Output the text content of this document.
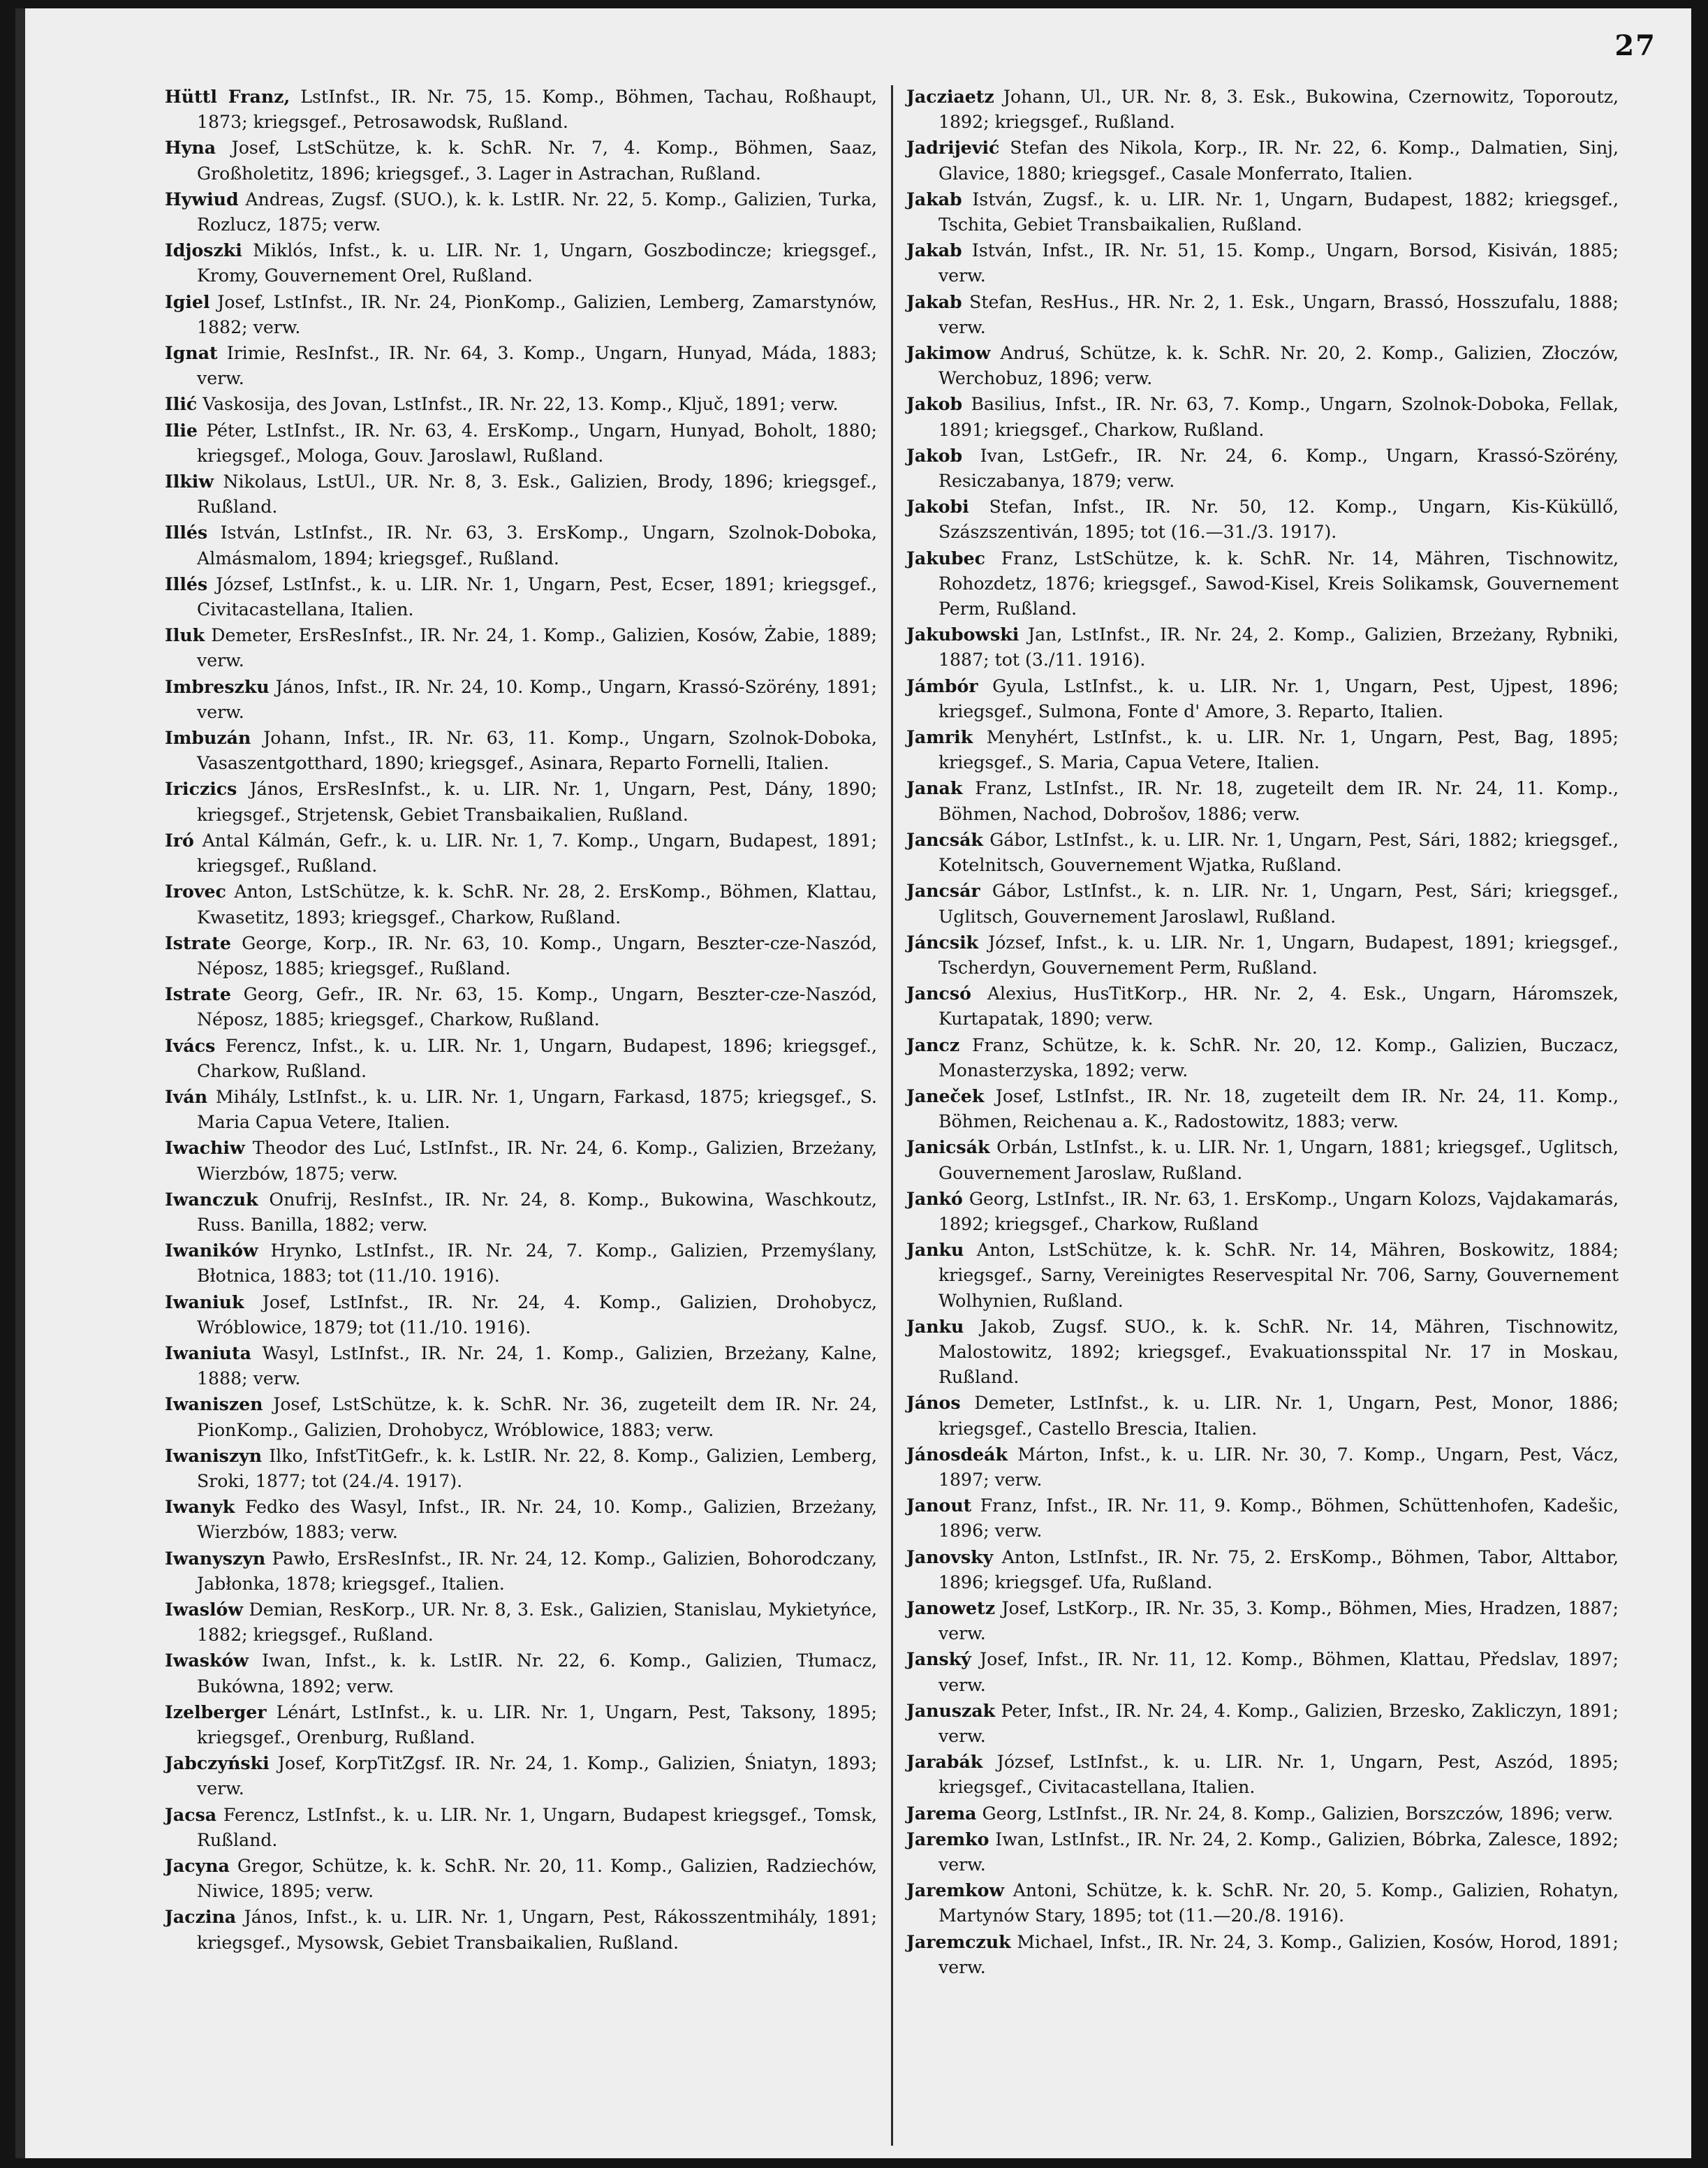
27

Hüttl Franz, LstInfst., IR. Nr. 75, 15. Komp., Böhmen, Tachau, Roßhaupt, 1873; kriegsgef., Petrosawodsk, Rußland.

Hyna Josef, LstSchütze, k. k. SchR. Nr. 7, 4. Komp., Böhmen, Saaz, Großholetitz, 1896; kriegsgef., 3. Lager in Astrachan, Rußland.

Hywiud Andreas, Zugsf. (SUO.), k. k. LstIR. Nr. 22, 5. Komp., Galizien, Turka, Rozlucz, 1875; verw.

Idjoszki Miklós, Infst., k. u. LIR. Nr. 1, Ungarn, Goszbodincze; kriegsgef., Kromy, Gouvernement Orel, Rußland.

Igiel Josef, LstInfst., IR. Nr. 24, PionKomp., Galizien, Lemberg, Zamarstynów, 1882; verw.

Ignat Irimie, ResInfst., IR. Nr. 64, 3. Komp., Ungarn, Hunyad, Máda, 1883; verw.

Ilić Vaskosija, des Jovan, LstInfst., IR. Nr. 22, 13. Komp., Ključ, 1891; verw.

Ilie Péter, LstInfst., IR. Nr. 63, 4. ErsKomp., Ungarn, Hunyad, Boholt, 1880; kriegsgef., Mologa, Gouv. Jaroslawl, Rußland.

Ilkiw Nikolaus, LstUl., UR. Nr. 8, 3. Esk., Galizien, Brody, 1896; kriegsgef., Rußland.

Illés István, LstInfst., IR. Nr. 63, 3. ErsKomp., Ungarn, Szolnok-Doboka, Almásmalom, 1894; kriegsgef., Rußland.

Illés József, LstInfst., k. u. LIR. Nr. 1, Ungarn, Pest, Ecser, 1891; kriegsgef., Civitacastellana, Italien.

Iluk Demeter, ErsResInfst., IR. Nr. 24, 1. Komp., Galizien, Kosów, Żabie, 1889; verw.

Imbreszku János, Infst., IR. Nr. 24, 10. Komp., Ungarn, Krassó-Szörény, 1891; verw.

Imbuzán Johann, Infst., IR. Nr. 63, 11. Komp., Ungarn, Szolnok-Doboka, Vasaszentgotthard, 1890; kriegsgef., Asinara, Reparto Fornelli, Italien.

Iriczics János, ErsResInfst., k. u. LIR. Nr. 1, Ungarn, Pest, Dány, 1890; kriegsgef., Strjetensk, Gebiet Transbaikalien, Rußland.

Iró Antal Kálmán, Gefr., k. u. LIR. Nr. 1, 7. Komp., Ungarn, Budapest, 1891; kriegsgef., Rußland.

Irovec Anton, LstSchütze, k. k. SchR. Nr. 28, 2. ErsKomp., Böhmen, Klattau, Kwasetitz, 1893; kriegsgef., Charkow, Rußland.

Istrate George, Korp., IR. Nr. 63, 10. Komp., Ungarn, Beszter-cze-Naszód, Néposz, 1885; kriegsgef., Rußland.

Istrate Georg, Gefr., IR. Nr. 63, 15. Komp., Ungarn, Beszter-cze-Naszód, Néposz, 1885; kriegsgef., Charkow, Rußland.

Ivács Ferencz, Infst., k. u. LIR. Nr. 1, Ungarn, Budapest, 1896; kriegsgef., Charkow, Rußland.

Iván Mihály, LstInfst., k. u. LIR. Nr. 1, Ungarn, Farkasd, 1875; kriegsgef., S. Maria Capua Vetere, Italien.

Iwachiw Theodor des Luć, LstInfst., IR. Nr. 24, 6. Komp., Galizien, Brzeżany, Wierzbów, 1875; verw.

Iwanczuk Onufrij, ResInfst., IR. Nr. 24, 8. Komp., Bukowina, Waschkoutz, Russ. Banilla, 1882; verw.

Iwaników Hrynko, LstInfst., IR. Nr. 24, 7. Komp., Galizien, Przemyślany, Błotnica, 1883; tot (11./10. 1916).

Iwaniuk Josef, LstInfst., IR. Nr. 24, 4. Komp., Galizien, Drohobycz, Wróblowice, 1879; tot (11./10. 1916).

Iwaniuta Wasyl, LstInfst., IR. Nr. 24, 1. Komp., Galizien, Brzeżany, Kalne, 1888; verw.

Iwaniszen Josef, LstSchütze, k. k. SchR. Nr. 36, zugeteilt dem IR. Nr. 24, PionKomp., Galizien, Drohobycz, Wróblowice, 1883; verw.

Iwaniszyn Ilko, InfstTitGefr., k. k. LstIR. Nr. 22, 8. Komp., Galizien, Lemberg, Sroki, 1877; tot (24./4. 1917).

Iwanyk Fedko des Wasyl, Infst., IR. Nr. 24, 10. Komp., Galizien, Brzeżany, Wierzbów, 1883; verw.

Iwanyszyn Pawło, ErsResInfst., IR. Nr. 24, 12. Komp., Galizien, Bohorodczany, Jabłonka, 1878; kriegsgef., Italien.

Iwaslów Demian, ResKorp., UR. Nr. 8, 3. Esk., Galizien, Stanislau, Mykietyńce, 1882; kriegsgef., Rußland.

Iwasków Iwan, Infst., k. k. LstIR. Nr. 22, 6. Komp., Galizien, Tłumacz, Bukówna, 1892; verw.

Izelberger Lénárt, LstInfst., k. u. LIR. Nr. 1, Ungarn, Pest, Taksony, 1895; kriegsgef., Orenburg, Rußland.

Jabczyński Josef, KorpTitZgsf. IR. Nr. 24, 1. Komp., Galizien, Śniatyn, 1893; verw.

Jacsa Ferencz, LstInfst., k. u. LIR. Nr. 1, Ungarn, Budapest kriegsgef., Tomsk, Rußland.

Jacyna Gregor, Schütze, k. k. SchR. Nr. 20, 11. Komp., Galizien, Radziechów, Niwice, 1895; verw.

Jaczina János, Infst., k. u. LIR. Nr. 1, Ungarn, Pest, Rákosszentmihály, 1891; kriegsgef., Mysowsk, Gebiet Transbaikalien, Rußland.

Jacziaetz Johann, Ul., UR. Nr. 8, 3. Esk., Bukowina, Czernowitz, Toporoutz, 1892; kriegsgef., Rußland.

Jadrijević Stefan des Nikola, Korp., IR. Nr. 22, 6. Komp., Dalmatien, Sinj, Glavice, 1880; kriegsgef., Casale Monferrato, Italien.

Jakab István, Zugsf., k. u. LIR. Nr. 1, Ungarn, Budapest, 1882; kriegsgef., Tschita, Gebiet Transbaikalien, Rußland.

Jakab István, Infst., IR. Nr. 51, 15. Komp., Ungarn, Borsod, Kisiván, 1885; verw.

Jakab Stefan, ResHus., HR. Nr. 2, 1. Esk., Ungarn, Brassó, Hosszufalu, 1888; verw.

Jakimow Andruś, Schütze, k. k. SchR. Nr. 20, 2. Komp., Galizien, Złoczów, Werchobuz, 1896; verw.

Jakob Basilius, Infst., IR. Nr. 63, 7. Komp., Ungarn, Szolnok-Doboka, Fellak, 1891; kriegsgef., Charkow, Rußland.

Jakob Ivan, LstGefr., IR. Nr. 24, 6. Komp., Ungarn, Krassó-Szörény, Resiczabanya, 1879; verw.

Jakobi Stefan, Infst., IR. Nr. 50, 12. Komp., Ungarn, Kis-Küküllő, Szászszentiván, 1895; tot (16.—31./3. 1917).

Jakubec Franz, LstSchütze, k. k. SchR. Nr. 14, Mähren, Tischnowitz, Rohozdetz, 1876; kriegsgef., Sawod-Kisel, Kreis Solikamsk, Gouvernement Perm, Rußland.

Jakubowski Jan, LstInfst., IR. Nr. 24, 2. Komp., Galizien, Brzeżany, Rybniki, 1887; tot (3./11. 1916).

Jámbór Gyula, LstInfst., k. u. LIR. Nr. 1, Ungarn, Pest, Ujpest, 1896; kriegsgef., Sulmona, Fonte d' Amore, 3. Reparto, Italien.

Jamrik Menyhért, LstInfst., k. u. LIR. Nr. 1, Ungarn, Pest, Bag, 1895; kriegsgef., S. Maria, Capua Vetere, Italien.

Janak Franz, LstInfst., IR. Nr. 18, zugeteilt dem IR. Nr. 24, 11. Komp., Böhmen, Nachod, Dobrošov, 1886; verw.

Jancsák Gábor, LstInfst., k. u. LIR. Nr. 1, Ungarn, Pest, Sári, 1882; kriegsgef., Kotelnitsch, Gouvernement Wjatka, Rußland.

Jancsár Gábor, LstInfst., k. n. LIR. Nr. 1, Ungarn, Pest, Sári; kriegsgef., Uglitsch, Gouvernement Jaroslawl, Rußland.

Jáncsik József, Infst., k. u. LIR. Nr. 1, Ungarn, Budapest, 1891; kriegsgef., Tscherdyn, Gouvernement Perm, Rußland.

Jancsó Alexius, HusTitKorp., HR. Nr. 2, 4. Esk., Ungarn, Háromszek, Kurtapatak, 1890; verw.

Jancz Franz, Schütze, k. k. SchR. Nr. 20, 12. Komp., Galizien, Buczacz, Monasterzyska, 1892; verw.

Janeček Josef, LstInfst., IR. Nr. 18, zugeteilt dem IR. Nr. 24, 11. Komp., Böhmen, Reichenau a. K., Radostowitz, 1883; verw.

Janicsák Orbán, LstInfst., k. u. LIR. Nr. 1, Ungarn, 1881; kriegsgef., Uglitsch, Gouvernement Jaroslaw, Rußland.

Jankó Georg, LstInfst., IR. Nr. 63, 1. ErsKomp., Ungarn Kolozs, Vajdakamarás, 1892; kriegsgef., Charkow, Rußland

Janku Anton, LstSchütze, k. k. SchR. Nr. 14, Mähren, Boskowitz, 1884; kriegsgef., Sarny, Vereinigtes Reservespital Nr. 706, Sarny, Gouvernement Wolhynien, Rußland.

Janku Jakob, Zugsf. SUO., k. k. SchR. Nr. 14, Mähren, Tischnowitz, Malostowitz, 1892; kriegsgef., Evakuationsspital Nr. 17 in Moskau, Rußland.

János Demeter, LstInfst., k. u. LIR. Nr. 1, Ungarn, Pest, Monor, 1886; kriegsgef., Castello Brescia, Italien.

Jánosdeák Márton, Infst., k. u. LIR. Nr. 30, 7. Komp., Ungarn, Pest, Vácz, 1897; verw.

Janout Franz, Infst., IR. Nr. 11, 9. Komp., Böhmen, Schüttenhofen, Kadešic, 1896; verw.

Janovsky Anton, LstInfst., IR. Nr. 75, 2. ErsKomp., Böhmen, Tabor, Alttabor, 1896; kriegsgef. Ufa, Rußland.

Janowetz Josef, LstKorp., IR. Nr. 35, 3. Komp., Böhmen, Mies, Hradzen, 1887; verw.

Janský Josef, Infst., IR. Nr. 11, 12. Komp., Böhmen, Klattau, Předslav, 1897; verw.

Januszak Peter, Infst., IR. Nr. 24, 4. Komp., Galizien, Brzesko, Zakliczyn, 1891; verw.

Jarabák József, LstInfst., k. u. LIR. Nr. 1, Ungarn, Pest, Aszód, 1895; kriegsgef., Civitacastellana, Italien.

Jarema Georg, LstInfst., IR. Nr. 24, 8. Komp., Galizien, Borszczów, 1896; verw.

Jaremko Iwan, LstInfst., IR. Nr. 24, 2. Komp., Galizien, Bóbrka, Zalesce, 1892; verw.

Jaremkow Antoni, Schütze, k. k. SchR. Nr. 20, 5. Komp., Galizien, Rohatyn, Martynów Stary, 1895; tot (11.—20./8. 1916).

Jaremczuk Michael, Infst., IR. Nr. 24, 3. Komp., Galizien, Kosów, Horod, 1891; verw.
